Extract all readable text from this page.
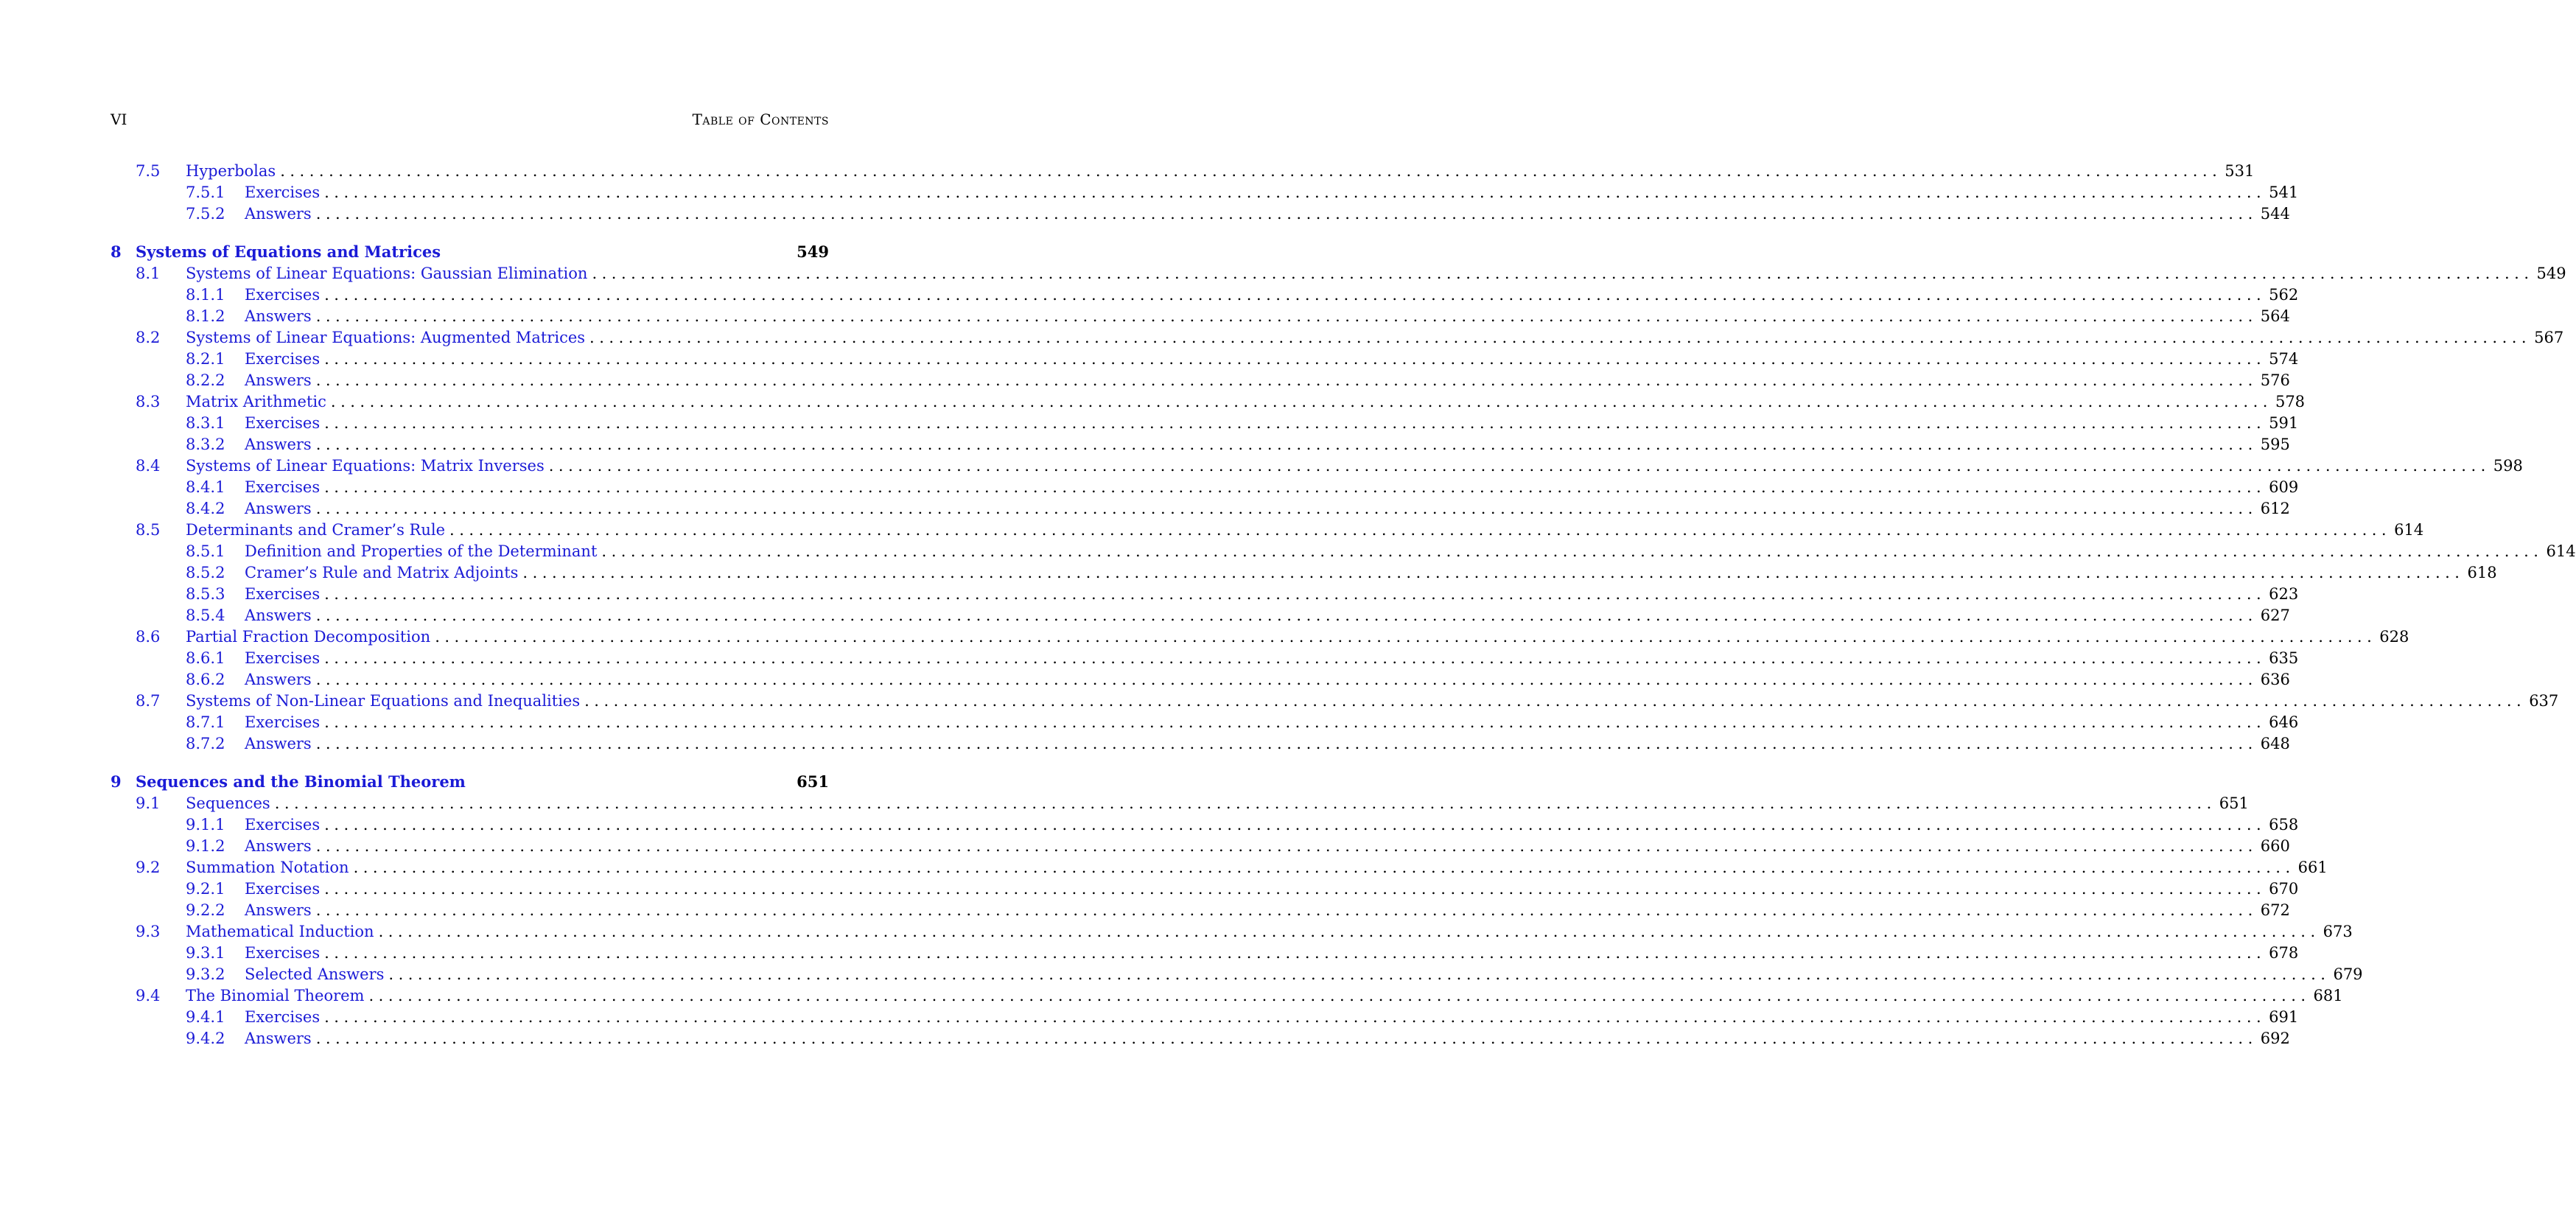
VI	Table of Contents
7.5 Hyperbolas ........................................................................................................................................................................................................ 531
7.5.1 Exercises ........................................................................................................................................................................................................ 541
7.5.2 Answers ........................................................................................................................................................................................................ 544
8 Systems of Equations and Matrices	549
8.1 Systems of Linear Equations: Gaussian Elimination ........................................................................................................................................................................................................ 549
8.1.1 Exercises ........................................................................................................................................................................................................ 562
8.1.2 Answers ........................................................................................................................................................................................................ 564
8.2 Systems of Linear Equations: Augmented Matrices ........................................................................................................................................................................................................ 567
8.2.1 Exercises ........................................................................................................................................................................................................ 574
8.2.2 Answers ........................................................................................................................................................................................................ 576
8.3 Matrix Arithmetic ........................................................................................................................................................................................................ 578
8.3.1 Exercises ........................................................................................................................................................................................................ 591
8.3.2 Answers ........................................................................................................................................................................................................ 595
8.4 Systems of Linear Equations: Matrix Inverses ........................................................................................................................................................................................................ 598
8.4.1 Exercises ........................................................................................................................................................................................................ 609
8.4.2 Answers ........................................................................................................................................................................................................ 612
8.5 Determinants and Cramer’s Rule ........................................................................................................................................................................................................ 614
8.5.1 Definition and Properties of the Determinant ........................................................................................................................................................................................................ 614
8.5.2 Cramer’s Rule and Matrix Adjoints ........................................................................................................................................................................................................ 618
8.5.3 Exercises ........................................................................................................................................................................................................ 623
8.5.4 Answers ........................................................................................................................................................................................................ 627
8.6 Partial Fraction Decomposition ........................................................................................................................................................................................................ 628
8.6.1 Exercises ........................................................................................................................................................................................................ 635
8.6.2 Answers ........................................................................................................................................................................................................ 636
8.7 Systems of Non-Linear Equations and Inequalities ........................................................................................................................................................................................................ 637
8.7.1 Exercises ........................................................................................................................................................................................................ 646
8.7.2 Answers ........................................................................................................................................................................................................ 648
9 Sequences and the Binomial Theorem	651
9.1 Sequences ........................................................................................................................................................................................................ 651
9.1.1 Exercises ........................................................................................................................................................................................................ 658
9.1.2 Answers ........................................................................................................................................................................................................ 660
9.2 Summation Notation ........................................................................................................................................................................................................ 661
9.2.1 Exercises ........................................................................................................................................................................................................ 670
9.2.2 Answers ........................................................................................................................................................................................................ 672
9.3 Mathematical Induction ........................................................................................................................................................................................................ 673
9.3.1 Exercises ........................................................................................................................................................................................................ 678
9.3.2 Selected Answers ........................................................................................................................................................................................................ 679
9.4 The Binomial Theorem ........................................................................................................................................................................................................ 681
9.4.1 Exercises ........................................................................................................................................................................................................ 691
9.4.2 Answers ........................................................................................................................................................................................................ 692
